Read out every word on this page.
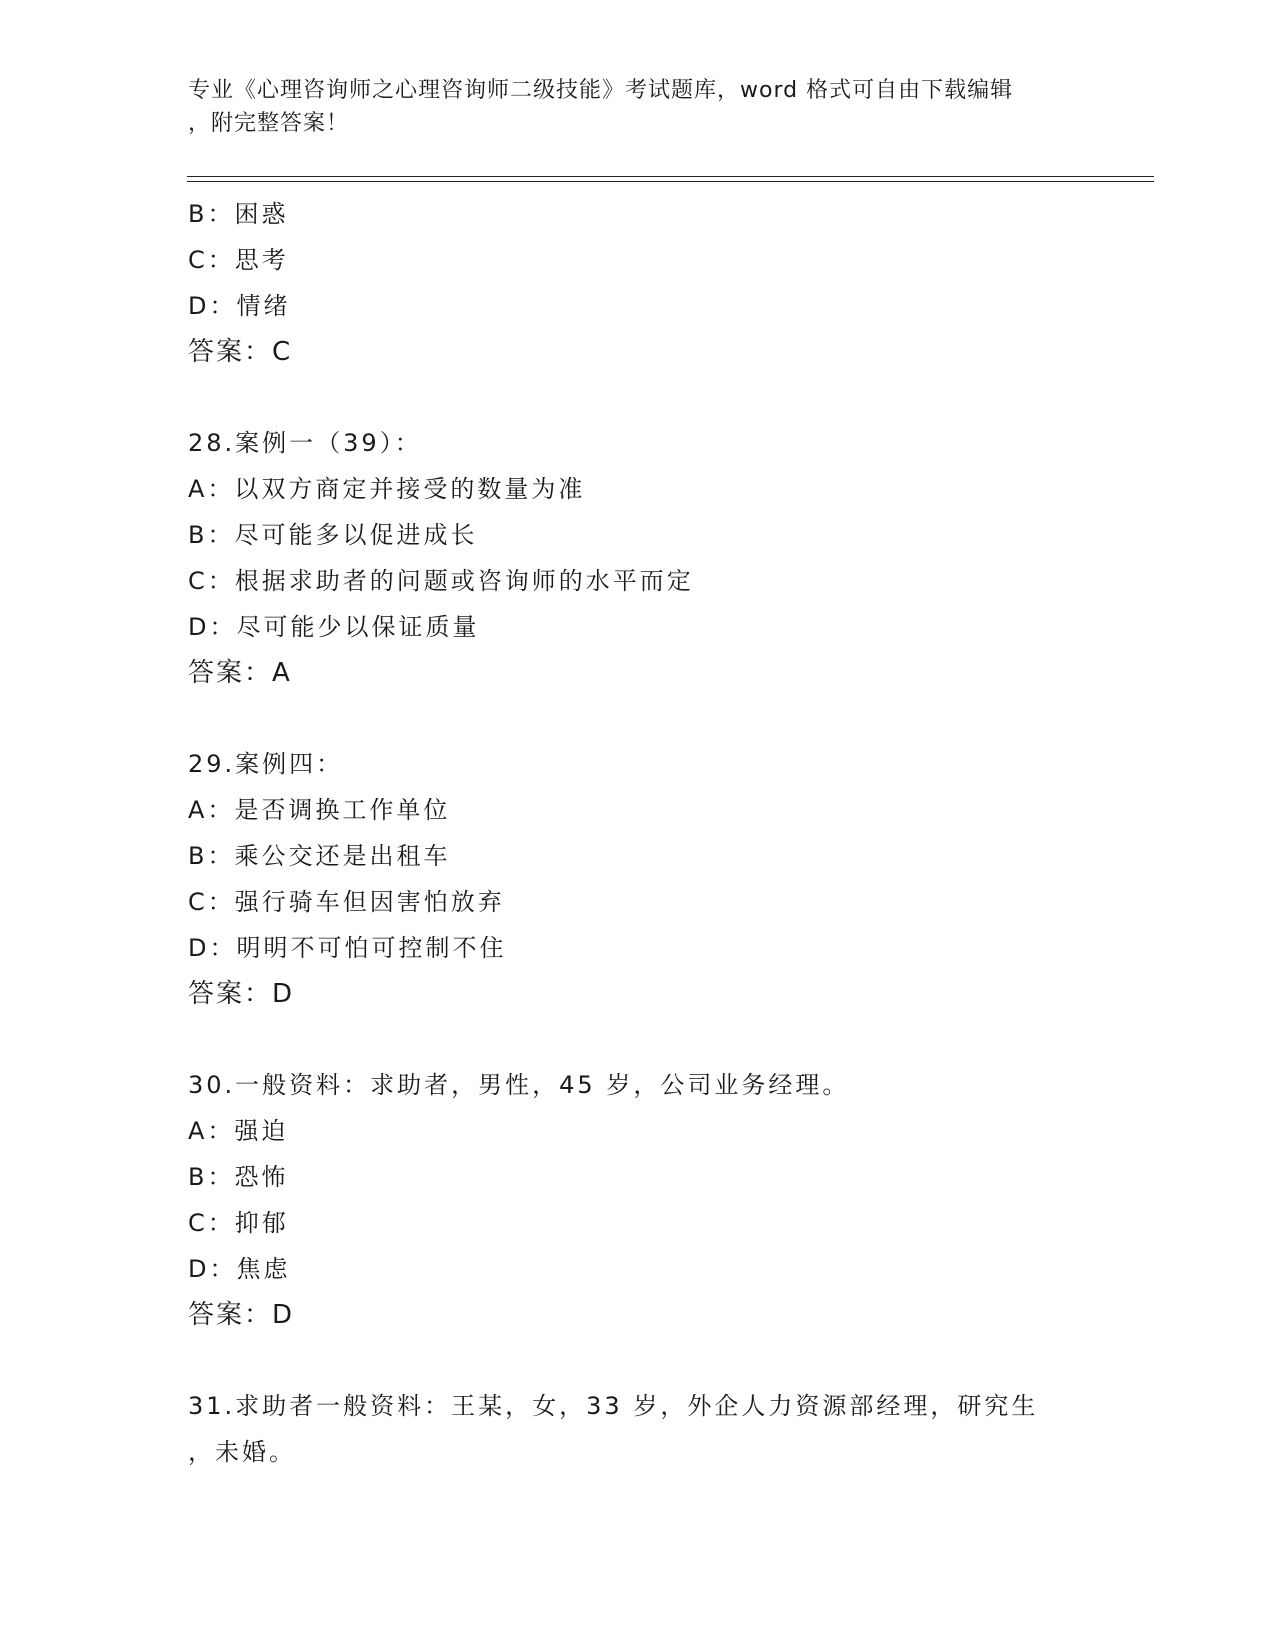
专业《心理咨询师之心理咨询师二级技能》考试题库，word 格式可自由下载编辑
，附完整答案！
B：困惑
C：思考
D：情绪
答案：C
28.案例一（39）：
A：以双方商定并接受的数量为准
B：尽可能多以促进成长
C：根据求助者的问题或咨询师的水平而定
D：尽可能少以保证质量
答案：A
29.案例四：
A：是否调换工作单位
B：乘公交还是出租车
C：强行骑车但因害怕放弃
D：明明不可怕可控制不住
答案：D
30.一般资料：求助者，男性，45 岁，公司业务经理。
A：强迫
B：恐怖
C：抑郁
D：焦虑
答案：D
31.求助者一般资料：王某，女，33 岁，外企人力资源部经理，研究生
，未婚。
